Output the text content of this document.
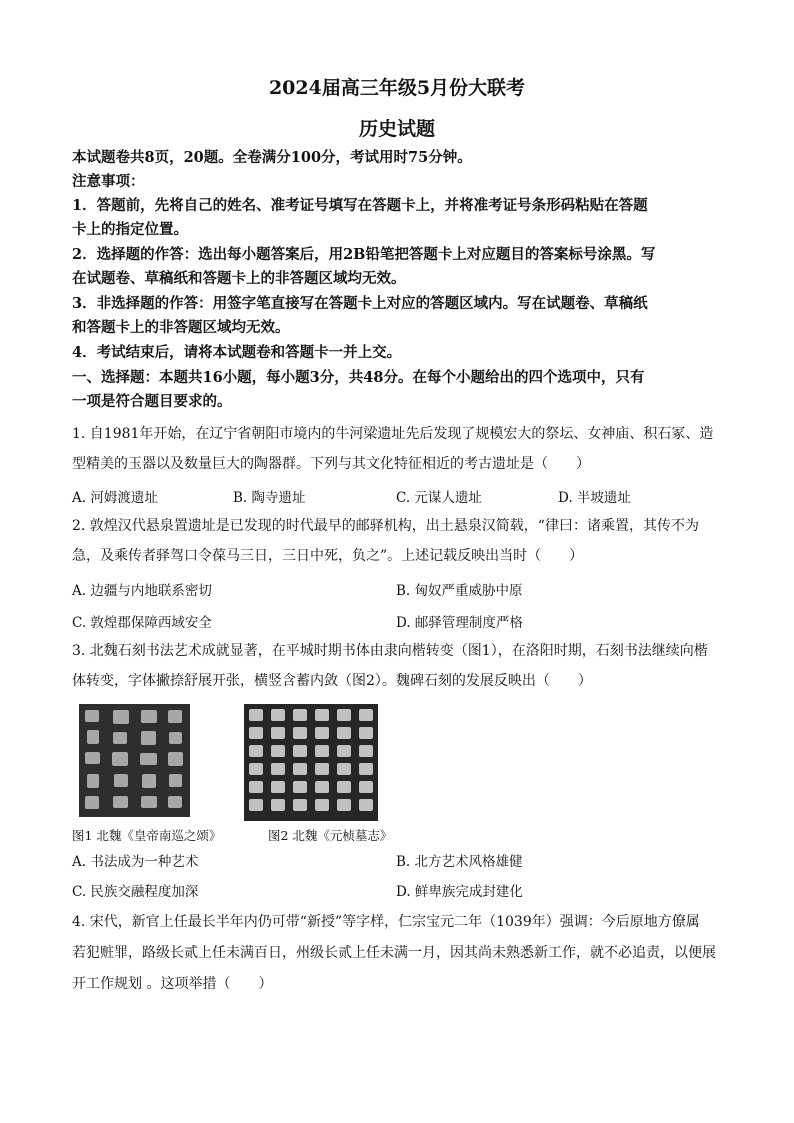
2024届高三年级5月份大联考
历史试题
本试题卷共8页，20题。全卷满分100分，考试用时75分钟。
注意事项：
1．答题前，先将自己的姓名、准考证号填写在答题卡上，并将准考证号条形码粘贴在答题
卡上的指定位置。
2．选择题的作答：选出每小题答案后，用2B铅笔把答题卡上对应题目的答案标号涂黑。写
在试题卷、草稿纸和答题卡上的非答题区域均无效。
3．非选择题的作答：用签字笔直接写在答题卡上对应的答题区域内。写在试题卷、草稿纸
和答题卡上的非答题区域均无效。
4．考试结束后，请将本试题卷和答题卡一并上交。
一、选择题：本题共16小题，每小题3分，共48分。在每个小题给出的四个选项中，只有
一项是符合题目要求的。
1. 自1981年开始，在辽宁省朝阳市境内的牛河梁遗址先后发现了规模宏大的祭坛、女神庙、积石冢、造
型精美的玉器以及数量巨大的陶器群。下列与其文化特征相近的考古遗址是（　　）
A. 河姆渡遗址	B. 陶寺遗址	C. 元谋人遗址	D. 半坡遗址
2. 敦煌汉代悬泉置遗址是已发现的时代最早的邮驿机构，出土悬泉汉简载，“律曰：诸乘置，其传不为
急，及乘传者驿驾口令葆马三日，三日中死，负之”。上述记载反映出当时（　　）
A. 边疆与内地联系密切	B. 匈奴严重威胁中原
C. 敦煌郡保障西域安全	D. 邮驿管理制度严格
3. 北魏石刻书法艺术成就显著，在平城时期书体由隶向楷转变（图1），在洛阳时期，石刻书法继续向楷
体转变，字体撇捺舒展开张，横竖含蓄内敛（图2）。魏碑石刻的发展反映出（　　）
图1 北魏《皇帝南巡之颂》	图2 北魏《元桢墓志》
A. 书法成为一种艺术	B. 北方艺术风格雄健
C. 民族交融程度加深	D. 鲜卑族完成封建化
4. 宋代，新官上任最长半年内仍可带“新授”等字样，仁宗宝元二年（1039年）强调：今后原地方僚属
若犯赃罪，路级长贰上任未满百日，州级长贰上任未满一月，因其尚未熟悉新工作，就不必追责，以便展
开工作规划 。这项举措（　　）
